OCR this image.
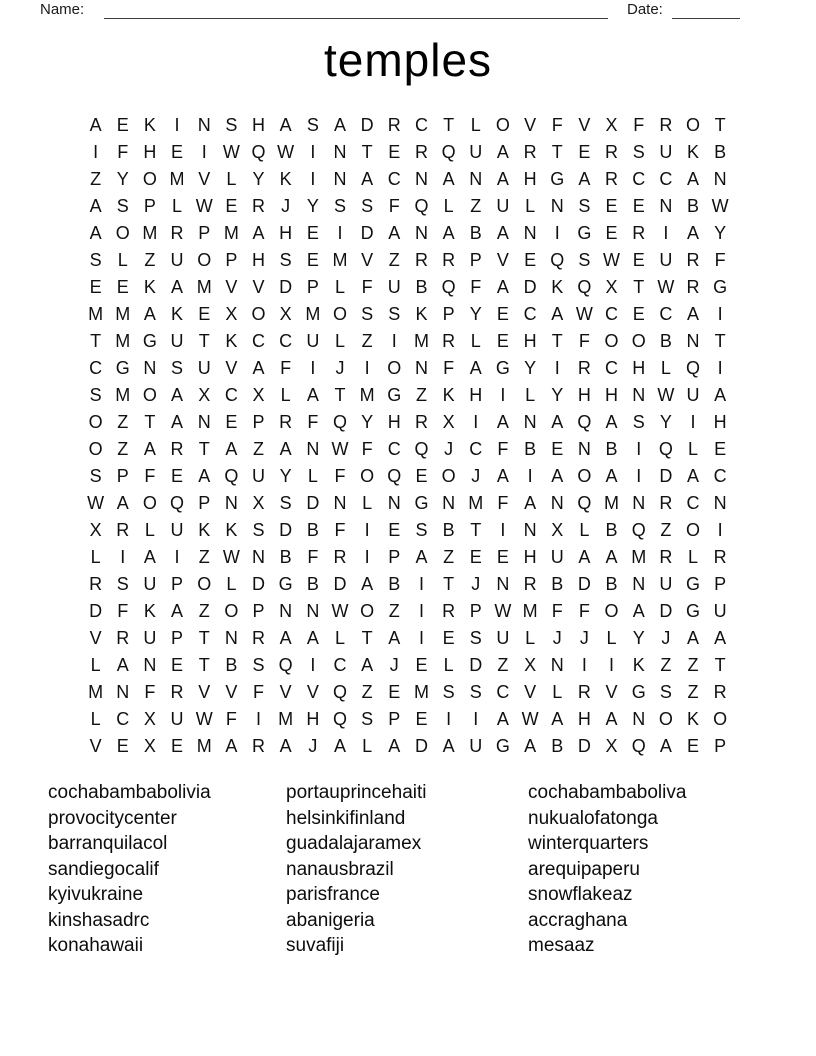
Name:	Date:
temples
A E K	I	N S H A S A D R C T L O V F V X F R O T
I	F H E	I W Q W I	N T E R Q U A R T E R S U K B
Z Y O M V L Y K	I	N A C N A N A H G A R C C A N
A S P L W E R J Y S S F Q L Z U L N S E E N B W
A O M R P M A H E	I	D A N A B A N	I G E R	I	A Y
S L Z U O P H S E M V Z R R P V E Q S W E U R F
E E K A M V V D P L F U B Q F A D K Q X T W R G
M M A K E X O X M O S S K P Y E C A W C E C A	I
T M G U T K C C U L Z	I M R L E H T F O O B N T
C G N S U V A F	I	J	I O N F A G Y	I	R C H L Q I
S M O A X C X L A T M G Z K H	I	L Y H H N W U A
O Z T A N E P R F Q Y H R X	I	A N A Q A S Y	I	H
O Z A R T A Z A N W F C Q J C F B E N B	I Q L E
S P F E A Q U Y L F O Q E O J A	I	A O A	I	D A C
W A O Q P N X S D N L N G N M F A N Q M N R C N
X R L U K K S D B F	I	E S B T	I	N X L B Q Z O I
L	I	A	I	Z W N B F R	I	P A Z E E H U A A M R L R
R S U P O L D G B D A B	I	T J N R B D B N U G P
D F K A Z O P N N W O Z	I	R P W M F F O A D G U
V R U P T N R A A L T A	I	E S U L J	J L Y J A A
L A N E T B S Q I	C A J E L D Z X N	I	I	K Z Z T
M N F R V V F V V Q Z E M S S C V L R V G S Z R
L C X U W F	I M H Q S P E	I	I	A W A H A N O K O
V E X E M A R A J A L A D A U G A B D X Q A E P
cochabambabolivia
provocitycenter
barranquilacol
sandiegocalif
kyivukraine
kinshasadrc
konahawaii
portauprincehaiti
helsinkifinland
guadalajaramex
nanausbrazil
parisfrance
abanigeria
suvafiji
cochabambaboliva
nukualofatonga
winterquarters
arequipaperu
snowflakeaz
accraghana
mesaaz
